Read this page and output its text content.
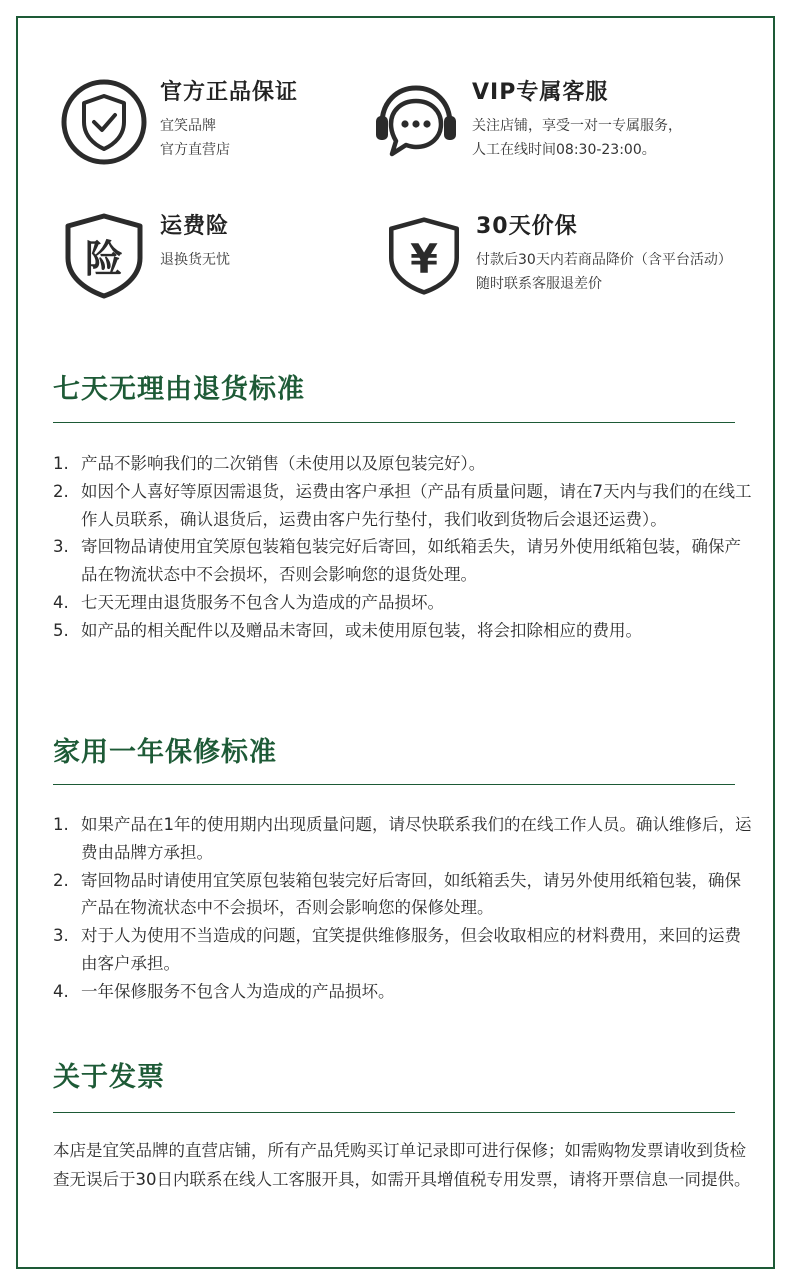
官方正品保证
宜笑品牌
官方直营店
VIP专属客服
关注店铺，享受一对一专属服务，
人工在线时间08:30-23:00。
险
运费险
退换货无忧	¥
30天价保
付款后30天内若商品降价（含平台活动）
随时联系客服退差价
七天无理由退货标准
1. 产品不影响我们的二次销售（未使用以及原包装完好）。
2. 如因个人喜好等原因需退货，运费由客户承担（产品有质量问题，请在7天内与我们的在线工作人员联系，确认退货后，运费由客户先行垫付，我们收到货物后会退还运费）。
3. 寄回物品请使用宜笑原包装箱包装完好后寄回，如纸箱丢失，请另外使用纸箱包装，确保产品在物流状态中不会损坏，否则会影响您的退货处理。
4. 七天无理由退货服务不包含人为造成的产品损坏。
5. 如产品的相关配件以及赠品未寄回，或未使用原包装，将会扣除相应的费用。
家用一年保修标准
1. 如果产品在1年的使用期内出现质量问题，请尽快联系我们的在线工作人员。确认维修后，运费由品牌方承担。
2. 寄回物品时请使用宜笑原包装箱包装完好后寄回，如纸箱丢失，请另外使用纸箱包装，确保产品在物流状态中不会损坏，否则会影响您的保修处理。
3. 对于人为使用不当造成的问题，宜笑提供维修服务，但会收取相应的材料费用，来回的运费由客户承担。
4. 一年保修服务不包含人为造成的产品损坏。
关于发票

本店是宜笑品牌的直营店铺，所有产品凭购买订单记录即可进行保修；如需购物发票请收到货检查无误后于30日内联系在线人工客服开具，如需开具增值税专用发票，请将开票信息一同提供。
